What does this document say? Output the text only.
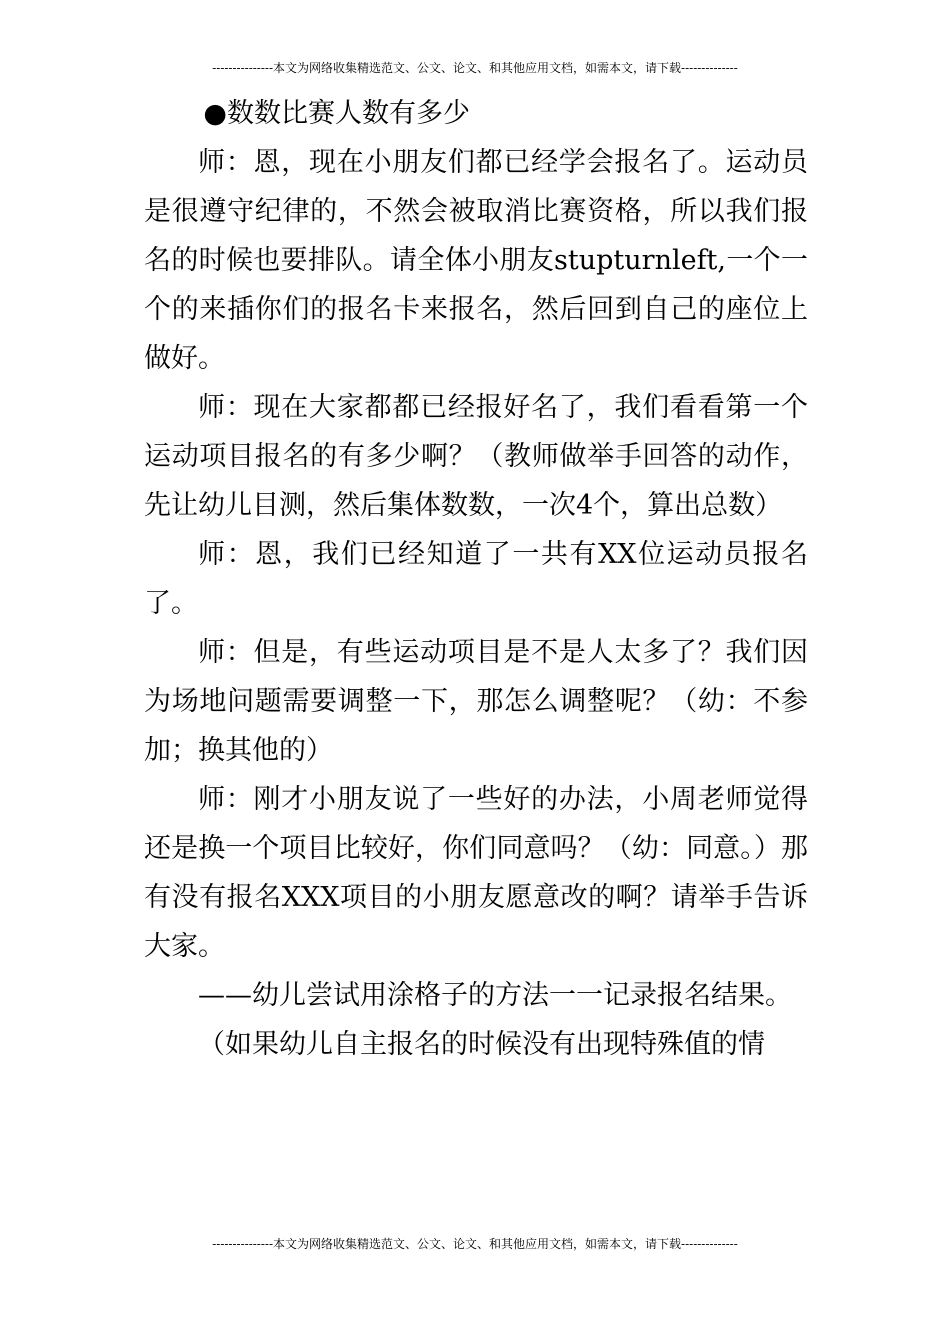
---------------本文为网络收集精选范文、公文、论文、和其他应用文档，如需本文，请下载--------------

●数数比赛人数有多少

师：恩，现在小朋友们都已经学会报名了。运动员是很遵守纪律的，不然会被取消比赛资格，所以我们报名的时候也要排队。请全体小朋友stupturnleft,一个一个的来插你们的报名卡来报名，然后回到自己的座位上做好。

师：现在大家都都已经报好名了，我们看看第一个运动项目报名的有多少啊？（教师做举手回答的动作，先让幼儿目测，然后集体数数，一次4个，算出总数）

师：恩，我们已经知道了一共有XX位运动员报名了。

师：但是，有些运动项目是不是人太多了？我们因为场地问题需要调整一下，那怎么调整呢？（幼：不参加；换其他的）

师：刚才小朋友说了一些好的办法，小周老师觉得还是换一个项目比较好，你们同意吗？（幼：同意。）那有没有报名XXX项目的小朋友愿意改的啊？请举手告诉大家。

——幼儿尝试用涂格子的方法一一记录报名结果。

（如果幼儿自主报名的时候没有出现特殊值的情

---------------本文为网络收集精选范文、公文、论文、和其他应用文档，如需本文，请下载--------------
